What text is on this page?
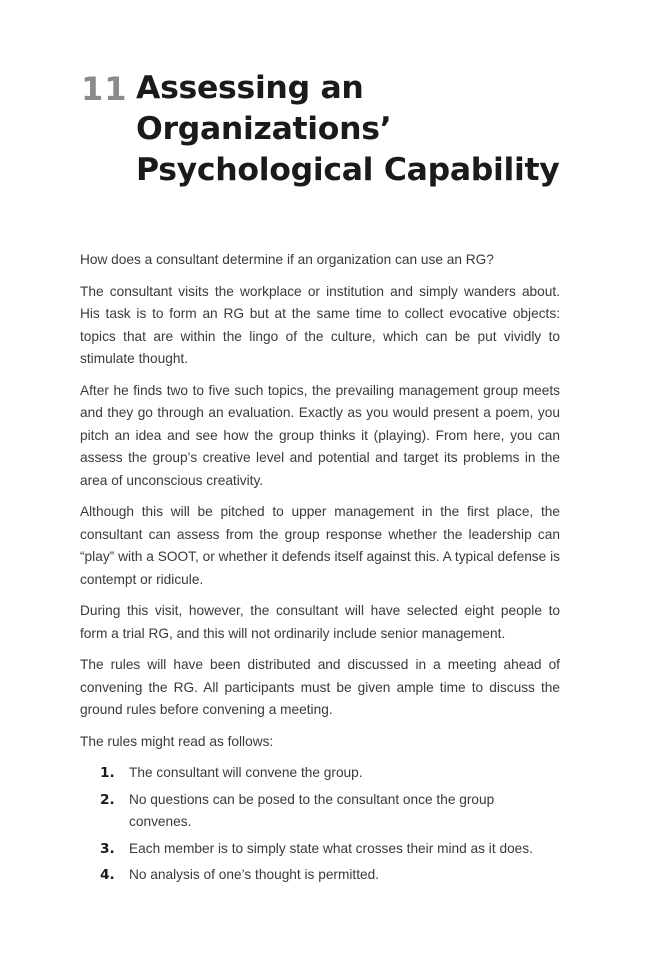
11 Assessing an
Organizations’
Psychological Capability

How does a consultant determine if an organization can use an RG?

The consultant visits the workplace or institution and simply wanders about. His task is to form an RG but at the same time to collect evocative objects: topics that are within the lingo of the culture, which can be put vividly to stimulate thought.

After he finds two to five such topics, the prevailing management group meets and they go through an evaluation. Exactly as you would present a poem, you pitch an idea and see how the group thinks it (playing). From here, you can assess the group’s creative level and potential and target its problems in the area of unconscious creativity.

Although this will be pitched to upper management in the first place, the consultant can assess from the group response whether the leadership can “play” with a SOOT, or whether it defends itself against this. A typical defense is contempt or ridicule.

During this visit, however, the consultant will have selected eight people to form a trial RG, and this will not ordinarily include senior management.

The rules will have been distributed and discussed in a meeting ahead of convening the RG. All participants must be given ample time to discuss the ground rules before convening a meeting.

The rules might read as follows:

1.	The consultant will convene the group.
2.	No questions can be posed to the consultant once the group convenes.
3.	Each member is to simply state what crosses their mind as it does.
4.	No analysis of one’s thought is permitted.
